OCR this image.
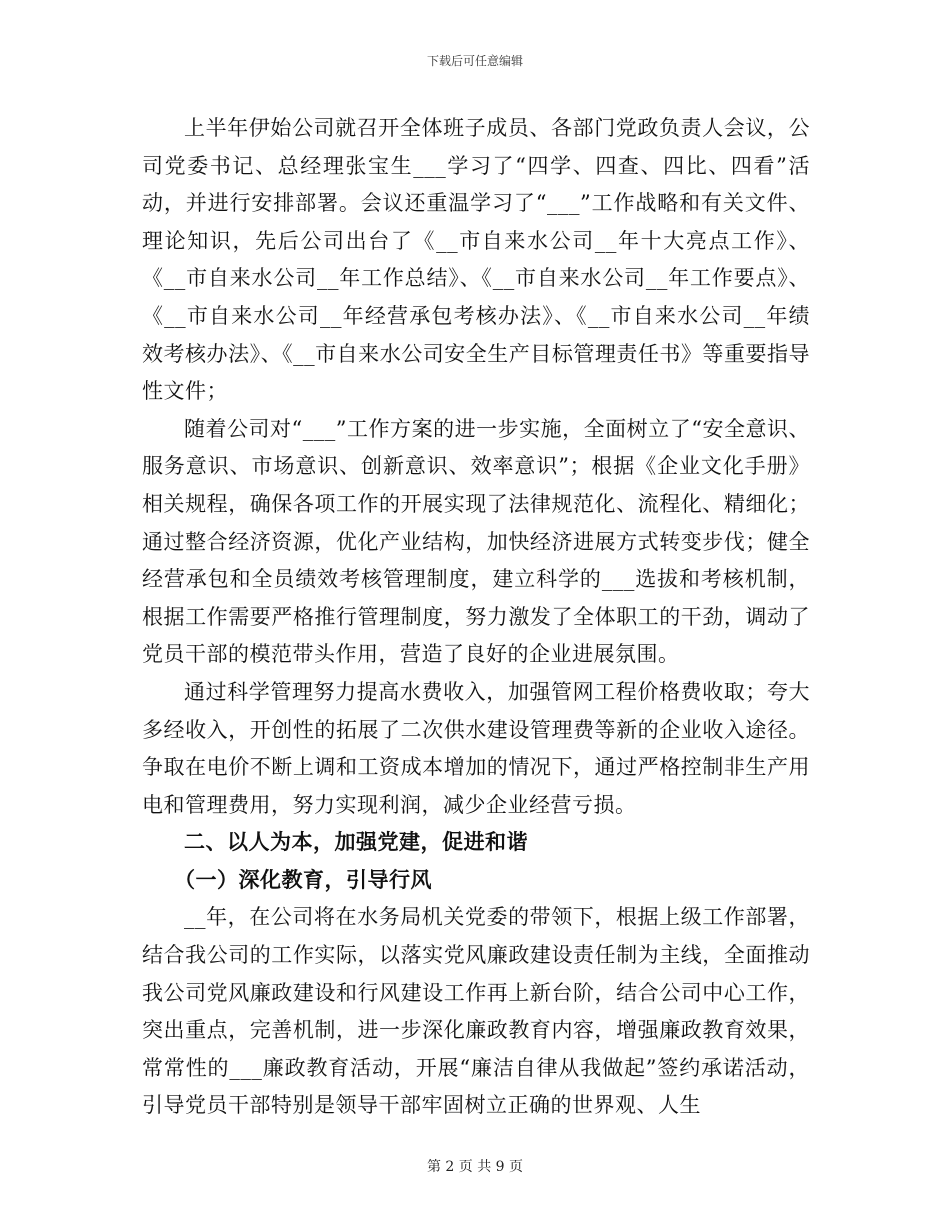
下载后可任意编辑

上半年伊始公司就召开全体班子成员、各部门党政负责人会议，公司党委书记、总经理张宝生___学习了“四学、四查、四比、四看”活动，并进行安排部署。会议还重温学习了“___”工作战略和有关文件、理论知识，先后公司出台了《__市自来水公司__年十大亮点工作》、《__市自来水公司__年工作总结》、《__市自来水公司__年工作要点》、《__市自来水公司__年经营承包考核办法》、《__市自来水公司__年绩效考核办法》、《__市自来水公司安全生产目标管理责任书》等重要指导性文件；

随着公司对“___”工作方案的进一步实施，全面树立了“安全意识、服务意识、市场意识、创新意识、效率意识”；根据《企业文化手册》相关规程，确保各项工作的开展实现了法律规范化、流程化、精细化；通过整合经济资源，优化产业结构，加快经济进展方式转变步伐；健全经营承包和全员绩效考核管理制度，建立科学的___选拔和考核机制，根据工作需要严格推行管理制度，努力激发了全体职工的干劲，调动了党员干部的模范带头作用，营造了良好的企业进展氛围。

通过科学管理努力提高水费收入，加强管网工程价格费收取；夸大多经收入，开创性的拓展了二次供水建设管理费等新的企业收入途径。争取在电价不断上调和工资成本增加的情况下，通过严格控制非生产用电和管理费用，努力实现利润，减少企业经营亏损。

二、以人为本，加强党建，促进和谐

（一）深化教育，引导行风

__年，在公司将在水务局机关党委的带领下，根据上级工作部署，结合我公司的工作实际，以落实党风廉政建设责任制为主线，全面推动我公司党风廉政建设和行风建设工作再上新台阶，结合公司中心工作，突出重点，完善机制，进一步深化廉政教育内容，增强廉政教育效果，常常性的___廉政教育活动，开展“廉洁自律从我做起”签约承诺活动，引导党员干部特别是领导干部牢固树立正确的世界观、人生

第 2 页 共 9 页
